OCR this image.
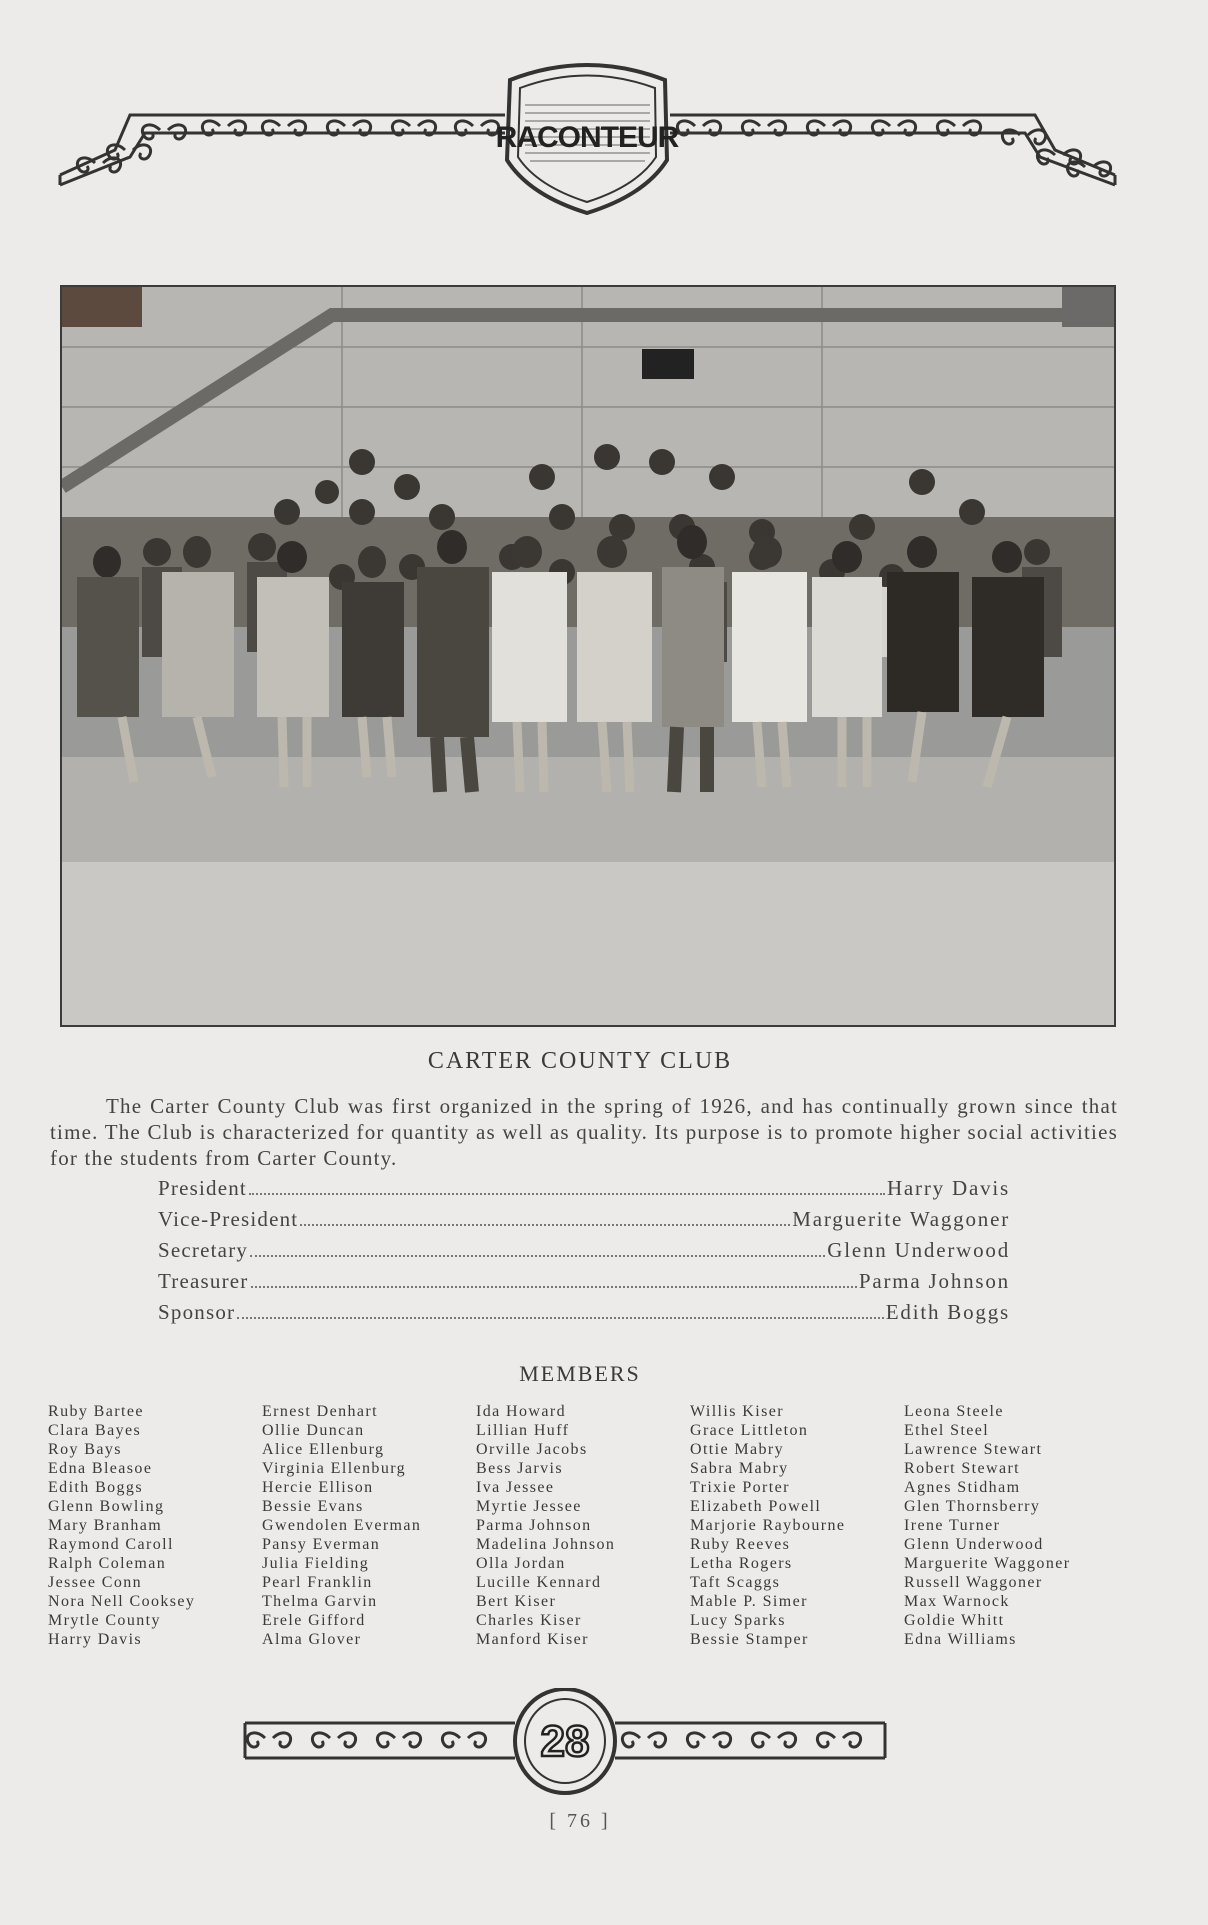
RACONTEUR
CARTER COUNTY CLUB
The Carter County Club was first organized in the spring of 1926, and has continually grown since that time. The Club is characterized for quantity as well as quality. Its purpose is to promote higher social activities for the students from Carter County.
President	Harry Davis
Vice-President	Marguerite Waggoner
Secretary	Glenn Underwood
Treasurer	Parma Johnson
Sponsor	Edith Boggs
MEMBERS
Ruby Bartee
Clara Bayes
Roy Bays
Edna Bleasoe
Edith Boggs
Glenn Bowling
Mary Branham
Raymond Caroll
Ralph Coleman
Jessee Conn
Nora Nell Cooksey
Mrytle County
Harry Davis
Ernest Denhart
Ollie Duncan
Alice Ellenburg
Virginia Ellenburg
Hercie Ellison
Bessie Evans
Gwendolen Everman
Pansy Everman
Julia Fielding
Pearl Franklin
Thelma Garvin
Erele Gifford
Alma Glover
Ida Howard
Lillian Huff
Orville Jacobs
Bess Jarvis
Iva Jessee
Myrtie Jessee
Parma Johnson
Madelina Johnson
Olla Jordan
Lucille Kennard
Bert Kiser
Charles Kiser
Manford Kiser
Willis Kiser
Grace Littleton
Ottie Mabry
Sabra Mabry
Trixie Porter
Elizabeth Powell
Marjorie Raybourne
Ruby Reeves
Letha Rogers
Taft Scaggs
Mable P. Simer
Lucy Sparks
Bessie Stamper
Leona Steele
Ethel Steel
Lawrence Stewart
Robert Stewart
Agnes Stidham
Glen Thornsberry
Irene Turner
Glenn Underwood
Marguerite Waggoner
Russell Waggoner
Max Warnock
Goldie Whitt
Edna Williams
28
[ 76 ]
